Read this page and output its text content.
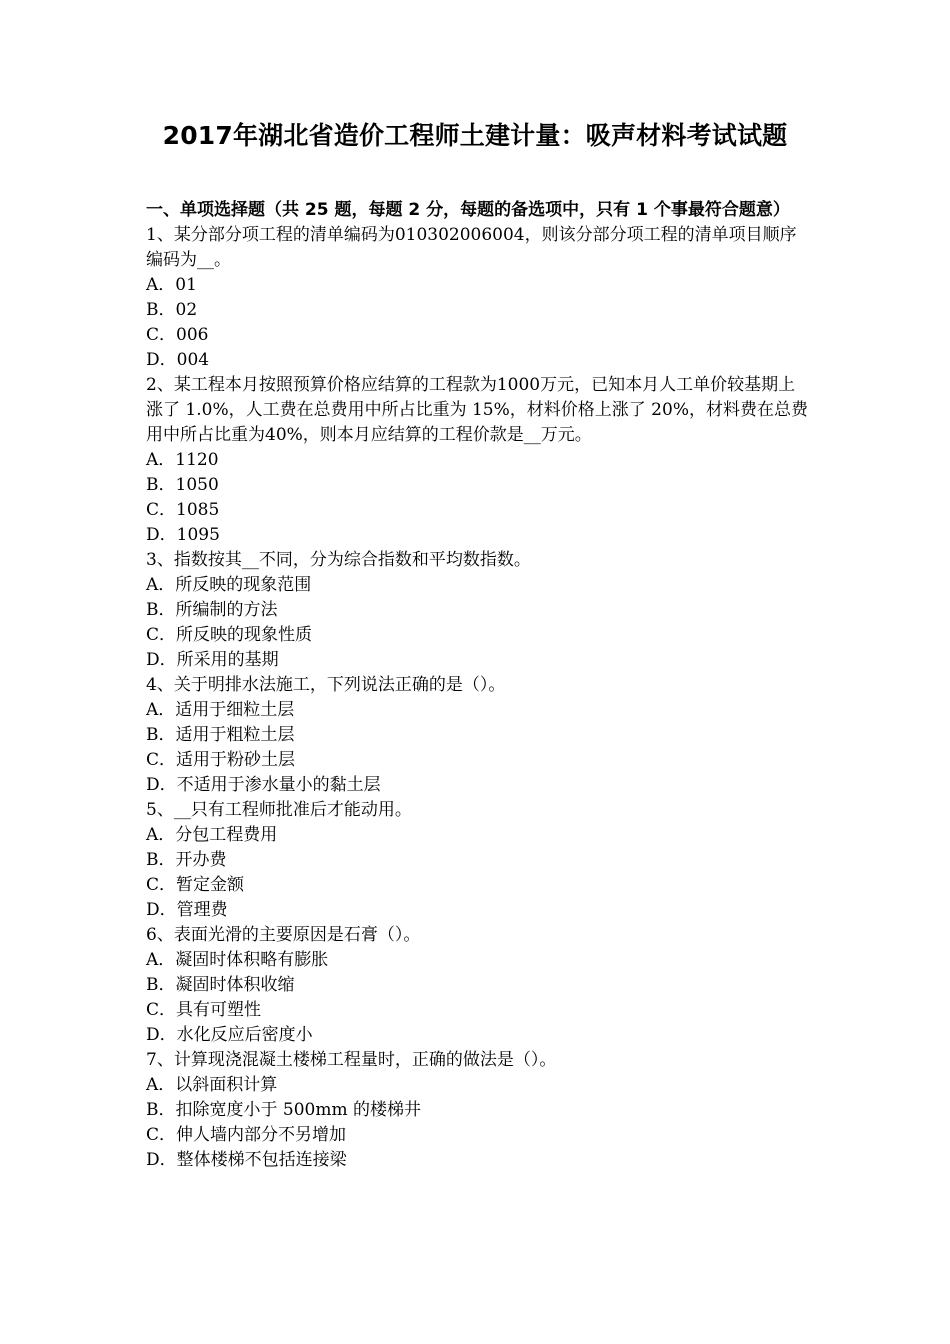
2017年湖北省造价工程师土建计量：吸声材料考试试题

一、单项选择题（共 25 题，每题 2 分，每题的备选项中，只有 1 个事最符合题意）

1、某分部分项工程的清单编码为010302006004，则该分部分项工程的清单项目顺序编码为__。

A．01

B．02

C．006

D．004

2、某工程本月按照预算价格应结算的工程款为1000万元，已知本月人工单价较基期上涨了 1.0%，人工费在总费用中所占比重为 15%，材料价格上涨了 20%，材料费在总费用中所占比重为40%，则本月应结算的工程价款是__万元。

A．1120

B．1050

C．1085

D．1095

3、指数按其__不同，分为综合指数和平均数指数。

A．所反映的现象范围

B．所编制的方法

C．所反映的现象性质

D．所采用的基期

4、关于明排水法施工，下列说法正确的是（）。

A．适用于细粒土层

B．适用于粗粒土层

C．适用于粉砂土层

D．不适用于渗水量小的黏土层

5、__只有工程师批准后才能动用。

A．分包工程费用

B．开办费

C．暂定金额

D．管理费

6、表面光滑的主要原因是石膏（）。

A．凝固时体积略有膨胀

B．凝固时体积收缩

C．具有可塑性

D．水化反应后密度小

7、计算现浇混凝土楼梯工程量时，正确的做法是（）。

A．以斜面积计算

B．扣除宽度小于 500mm 的楼梯井

C．伸人墙内部分不另增加

D．整体楼梯不包括连接梁
